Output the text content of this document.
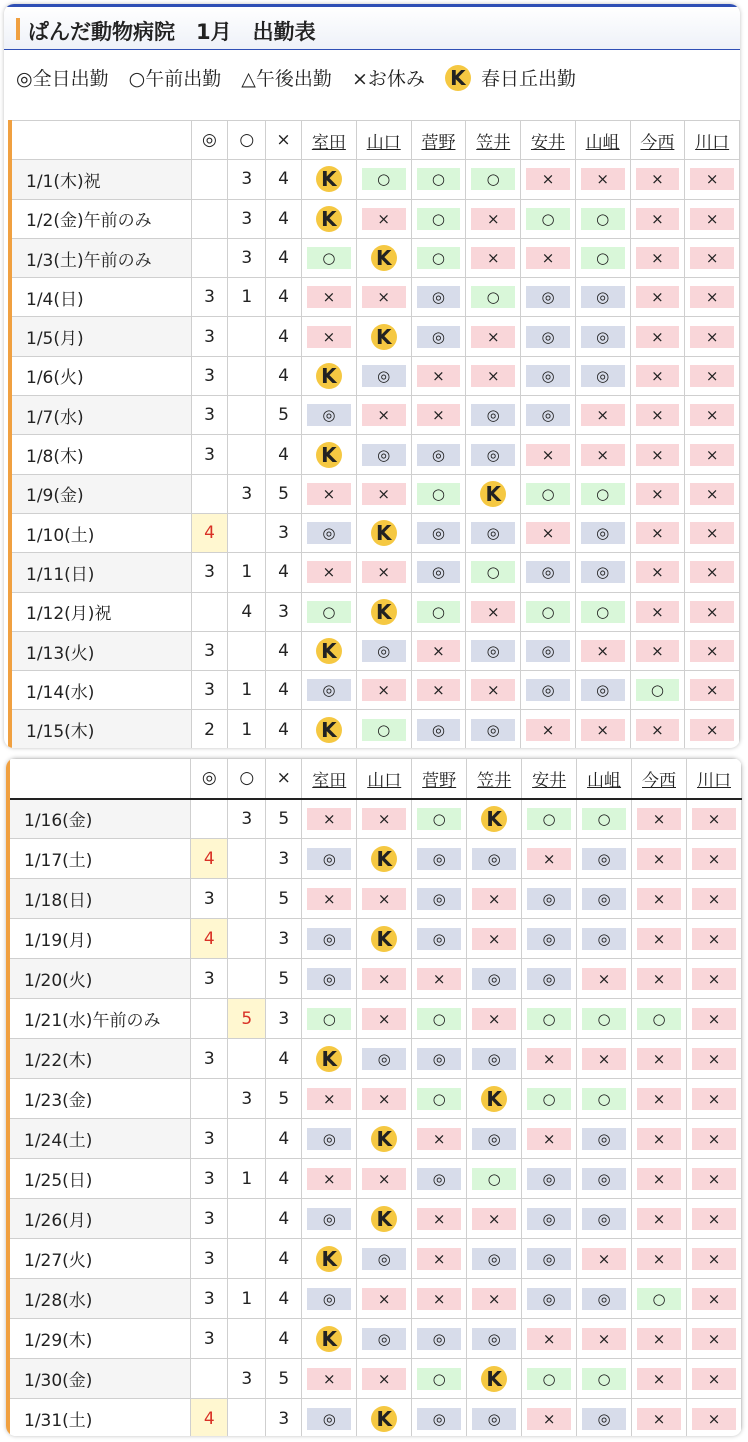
ぱんだ動物病院　1月　出勤表
◎全日出勤 ○午前出勤 △午後出勤 ×お休み K 春日丘出勤
	◎	○	×	室田	山口	菅野	笠井	安井	山岨	今西	川口
1/1(木)祝		3	4	K	○	○	○	×	×	×	×

1/2(金)午前のみ		3	4	K	×	○	×	○	○	×	×

1/3(土)午前のみ		3	4	○	K	○	×	×	○	×	×

1/4(日)	3	1	4	×	×	◎	○	◎	◎	×	×

1/5(月)	3		4	×	K	◎	×	◎	◎	×	×

1/6(火)	3		4	K	◎	×	×	◎	◎	×	×

1/7(水)	3		5	◎	×	×	◎	◎	×	×	×

1/8(木)	3		4	K	◎	◎	◎	×	×	×	×

1/9(金)		3	5	×	×	○	K	○	○	×	×

1/10(土)	4		3	◎	K	◎	◎	×	◎	×	×

1/11(日)	3	1	4	×	×	◎	○	◎	◎	×	×

1/12(月)祝		4	3	○	K	○	×	○	○	×	×

1/13(火)	3		4	K	◎	×	◎	◎	×	×	×

1/14(水)	3	1	4	◎	×	×	×	◎	◎	○	×

1/15(木)	2	1	4	K	○	◎	◎	×	×	×	×
	◎	○	×	室田	山口	菅野	笠井	安井	山岨	今西	川口
1/16(金)		3	5	×	×	○	K	○	○	×	×

1/17(土)	4		3	◎	K	◎	◎	×	◎	×	×

1/18(日)	3		5	×	×	◎	×	◎	◎	×	×

1/19(月)	4		3	◎	K	◎	×	◎	◎	×	×

1/20(火)	3		5	◎	×	×	◎	◎	×	×	×

1/21(水)午前のみ		5	3	○	×	○	×	○	○	○	×

1/22(木)	3		4	K	◎	◎	◎	×	×	×	×

1/23(金)		3	5	×	×	○	K	○	○	×	×

1/24(土)	3		4	◎	K	×	◎	×	◎	×	×

1/25(日)	3	1	4	×	×	◎	○	◎	◎	×	×

1/26(月)	3		4	◎	K	×	×	◎	◎	×	×

1/27(火)	3		4	K	◎	×	◎	◎	×	×	×

1/28(水)	3	1	4	◎	×	×	×	◎	◎	○	×

1/29(木)	3		4	K	◎	◎	◎	×	×	×	×

1/30(金)		3	5	×	×	○	K	○	○	×	×

1/31(土)	4		3	◎	K	◎	◎	×	◎	×	×
